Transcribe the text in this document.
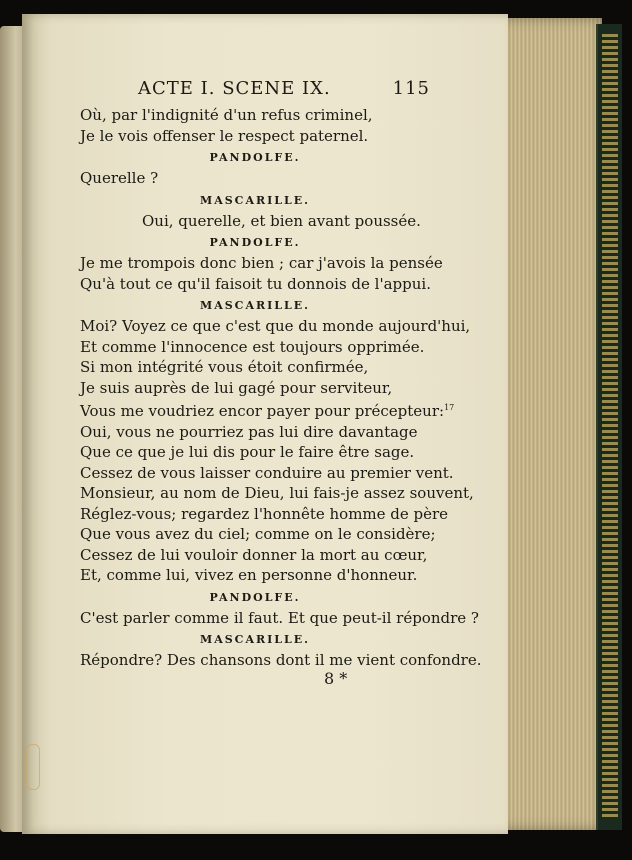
ACTE I. SCENE IX.	115

Où, par l'indignité d'un refus criminel,

Je le vois offenser le respect paternel.

PANDOLFE.

Querelle ?

MASCARILLE.

Oui, querelle, et bien avant poussée.

PANDOLFE.

Je me trompois donc bien ; car j'avois la pensée

Qu'à tout ce qu'il faisoit tu donnois de l'appui.

MASCARILLE.

Moi? Voyez ce que c'est que du monde aujourd'hui,

Et comme l'innocence est toujours opprimée.

Si mon intégrité vous étoit confirmée,

Je suis auprès de lui gagé pour serviteur,

Vous me voudriez encor payer pour précepteur:$^{17}$

Oui, vous ne pourriez pas lui dire davantage

Que ce que je lui dis pour le faire être sage.

Cessez de vous laisser conduire au premier vent.

Monsieur, au nom de Dieu, lui fais-je assez souvent,

Réglez-vous; regardez l'honnête homme de père

Que vous avez du ciel; comme on le considère;

Cessez de lui vouloir donner la mort au cœur,

Et, comme lui, vivez en personne d'honneur.

PANDOLFE.

C'est parler comme il faut. Et que peut-il répondre ?

MASCARILLE.

Répondre? Des chansons dont il me vient confondre.

8 *
